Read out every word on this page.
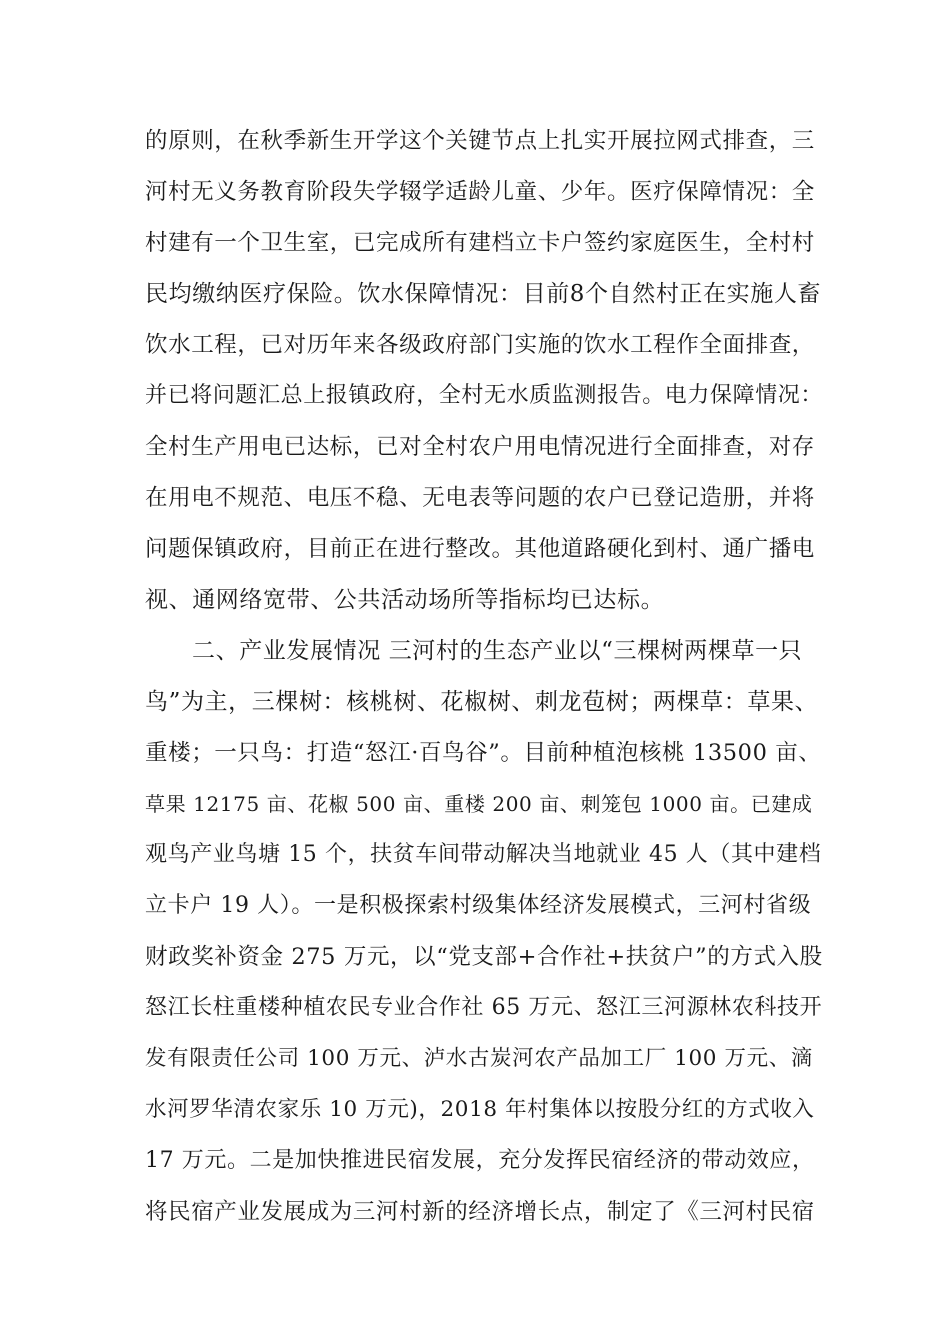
的原则，在秋季新生开学这个关键节点上扎实开展拉网式排查，三
河村无义务教育阶段失学辍学适龄儿童、少年。医疗保障情况：全
村建有一个卫生室，已完成所有建档立卡户签约家庭医生，全村村
民均缴纳医疗保险。饮水保障情况：目前8个自然村正在实施人畜
饮水工程，已对历年来各级政府部门实施的饮水工程作全面排查，
并已将问题汇总上报镇政府，全村无水质监测报告。电力保障情况：
全村生产用电已达标，已对全村农户用电情况进行全面排查，对存
在用电不规范、电压不稳、无电表等问题的农户已登记造册，并将
问题保镇政府，目前正在进行整改。其他道路硬化到村、通广播电
视、通网络宽带、公共活动场所等指标均已达标。
二、产业发展情况 三河村的生态产业以“三棵树两棵草一只
鸟”为主，三棵树：核桃树、花椒树、刺龙苞树；两棵草：草果、
重楼；一只鸟：打造“怒江·百鸟谷”。目前种植泡核桃 13500 亩、
草果 12175 亩、花椒 500 亩、重楼 200 亩、刺笼包 1000 亩。已建成
观鸟产业鸟塘 15 个，扶贫车间带动解决当地就业 45 人（其中建档
立卡户 19 人）。一是积极探索村级集体经济发展模式，三河村省级
财政奖补资金 275 万元，以“党支部+合作社+扶贫户”的方式入股
怒江长柱重楼种植农民专业合作社 65 万元、怒江三河源林农科技开
发有限责任公司 100 万元、泸水古炭河农产品加工厂 100 万元、滴
水河罗华清农家乐 10 万元)，2018 年村集体以按股分红的方式收入
17 万元。二是加快推进民宿发展，充分发挥民宿经济的带动效应，
将民宿产业发展成为三河村新的经济增长点，制定了《三河村民宿
